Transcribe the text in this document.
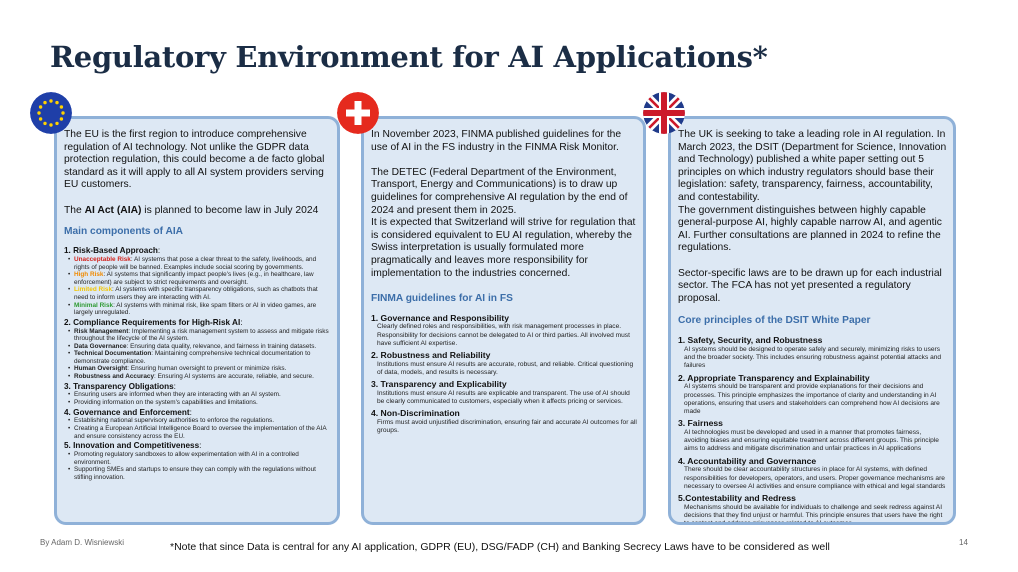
Regulatory Environment for AI Applications*

The EU is the first region to introduce comprehensive regulation of AI technology. Not unlike the GDPR data protection regulation, this could become a de facto global standard as it will apply to all AI system providers serving EU customers.

The AI Act (AIA) is planned to become law in July 2024

Main components of AIA
1. Risk-Based Approach:
• Unacceptable Risk: AI systems that pose a clear threat to the safety, livelihoods, and rights of people will be banned. Examples include social scoring by governments.
• High Risk: AI systems that significantly impact people's lives (e.g., in healthcare, law enforcement) are subject to strict requirements and oversight.
• Limited Risk: AI systems with specific transparency obligations, such as chatbots that need to inform users they are interacting with AI.
• Minimal Risk: AI systems with minimal risk, like spam filters or AI in video games, are largely unregulated.
2. Compliance Requirements for High-Risk AI:
• Risk Management: Implementing a risk management system to assess and mitigate risks throughout the lifecycle of the AI system.
• Data Governance: Ensuring data quality, relevance, and fairness in training datasets.
• Technical Documentation: Maintaining comprehensive technical documentation to demonstrate compliance.
• Human Oversight: Ensuring human oversight to prevent or minimize risks.
• Robustness and Accuracy: Ensuring AI systems are accurate, reliable, and secure.
3. Transparency Obligations:
• Ensuring users are informed when they are interacting with an AI system.
• Providing information on the system's capabilities and limitations.
4. Governance and Enforcement:
• Establishing national supervisory authorities to enforce the regulations.
• Creating a European Artificial Intelligence Board to oversee the implementation of the AIA and ensure consistency across the EU.
5. Innovation and Competitiveness:
• Promoting regulatory sandboxes to allow experimentation with AI in a controlled environment.
• Supporting SMEs and startups to ensure they can comply with the regulations without stifling innovation.

In November 2023, FINMA published guidelines for the use of AI in the FS industry in the FINMA Risk Monitor.

The DETEC (Federal Department of the Environment, Transport, Energy and Communications) is to draw up guidelines for comprehensive AI regulation by the end of 2024 and present them in 2025.

It is expected that Switzerland will strive for regulation that is considered equivalent to EU AI regulation, whereby the Swiss interpretation is usually formulated more pragmatically and leaves more responsibility for implementation to the industries concerned.

FINMA guidelines for AI in FS
1. Governance and Responsibility
Clearly defined roles and responsibilities, with risk management processes in place. Responsibility for decisions cannot be delegated to AI or third parties. All involved must have sufficient AI expertise.
2. Robustness and Reliability
Institutions must ensure AI results are accurate, robust, and reliable. Critical questioning of data, models, and results is necessary.
3. Transparency and Explicability
Institutions must ensure AI results are explicable and transparent. The use of AI should be clearly communicated to customers, especially when it affects pricing or services.
4. Non-Discrimination
Firms must avoid unjustified discrimination, ensuring fair and accurate AI outcomes for all groups.

The UK is seeking to take a leading role in AI regulation. In March 2023, the DSIT (Department for Science, Innovation and Technology) published a white paper setting out 5 principles on which industry regulators should base their legislation: safety, transparency, fairness, accountability, and contestability.

The government distinguishes between highly capable general-purpose AI, highly capable narrow AI, and agentic AI. Further consultations are planned in 2024 to refine the regulations.

Sector-specific laws are to be drawn up for each industrial sector. The FCA has not yet presented a regulatory proposal.

Core principles of the DSIT White Paper
1. Safety, Security, and Robustness
AI systems should be designed to operate safely and securely, minimizing risks to users and the broader society. This includes ensuring robustness against potential attacks and failures
2. Appropriate Transparency and Explainability
AI systems should be transparent and provide explanations for their decisions and processes. This principle emphasizes the importance of clarity and understanding in AI operations, ensuring that users and stakeholders can comprehend how AI decisions are made
3. Fairness
AI technologies must be developed and used in a manner that promotes fairness, avoiding biases and ensuring equitable treatment across different groups. This principle aims to address and mitigate discrimination and unfair practices in AI applications
4. Accountability and Governance
There should be clear accountability structures in place for AI systems, with defined responsibilities for developers, operators, and users. Proper governance mechanisms are necessary to oversee AI activities and ensure compliance with ethical and legal standards
5.Contestability and Redress
Mechanisms should be available for individuals to challenge and seek redress against AI decisions that they find unjust or harmful. This principle ensures that users have the right to contest and address grievances related to AI outcomes
By Adam D. Wisniewski	*Note that since Data is central for any AI application, GDPR (EU), DSG/FADP (CH) and Banking Secrecy Laws have to be considered as well	14
